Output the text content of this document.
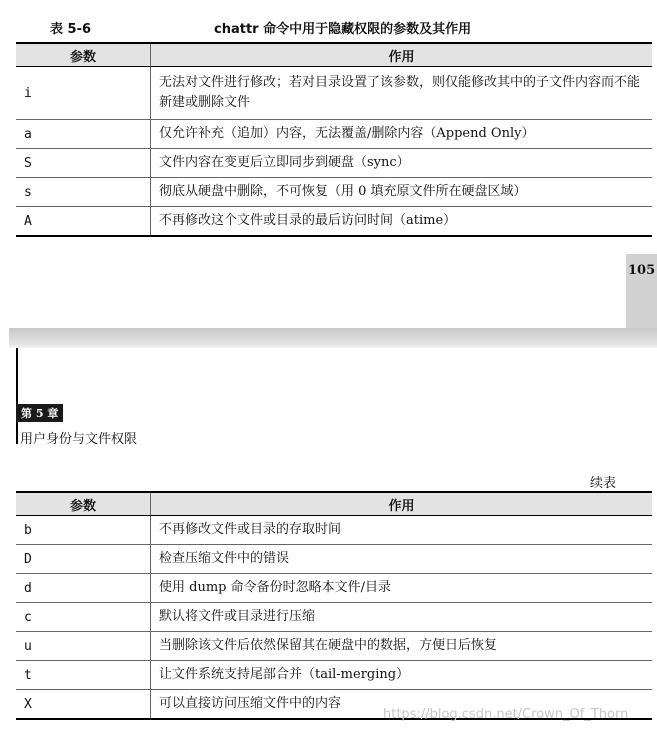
表 5-6	chattr 命令中用于隐藏权限的参数及其作用
参数	作用
i	无法对文件进行修改；若对目录设置了该参数，则仅能修改其中的子文件内容而不能新建或删除文件
a	仅允许补充（追加）内容，无法覆盖/删除内容（Append Only）
S	文件内容在变更后立即同步到硬盘（sync）
s	彻底从硬盘中删除，不可恢复（用 0 填充原文件所在硬盘区域）
A	不再修改这个文件或目录的最后访问时间（atime）
105
第 5 章
用户身份与文件权限
续表
参数	作用
b	不再修改文件或目录的存取时间
D	检查压缩文件中的错误
d	使用 dump 命令备份时忽略本文件/目录
c	默认将文件或目录进行压缩
u	当删除该文件后依然保留其在硬盘中的数据，方便日后恢复
t	让文件系统支持尾部合并（tail-merging）
X	可以直接访问压缩文件中的内容
https://blog.csdn.net/Crown_Of_Thorn
